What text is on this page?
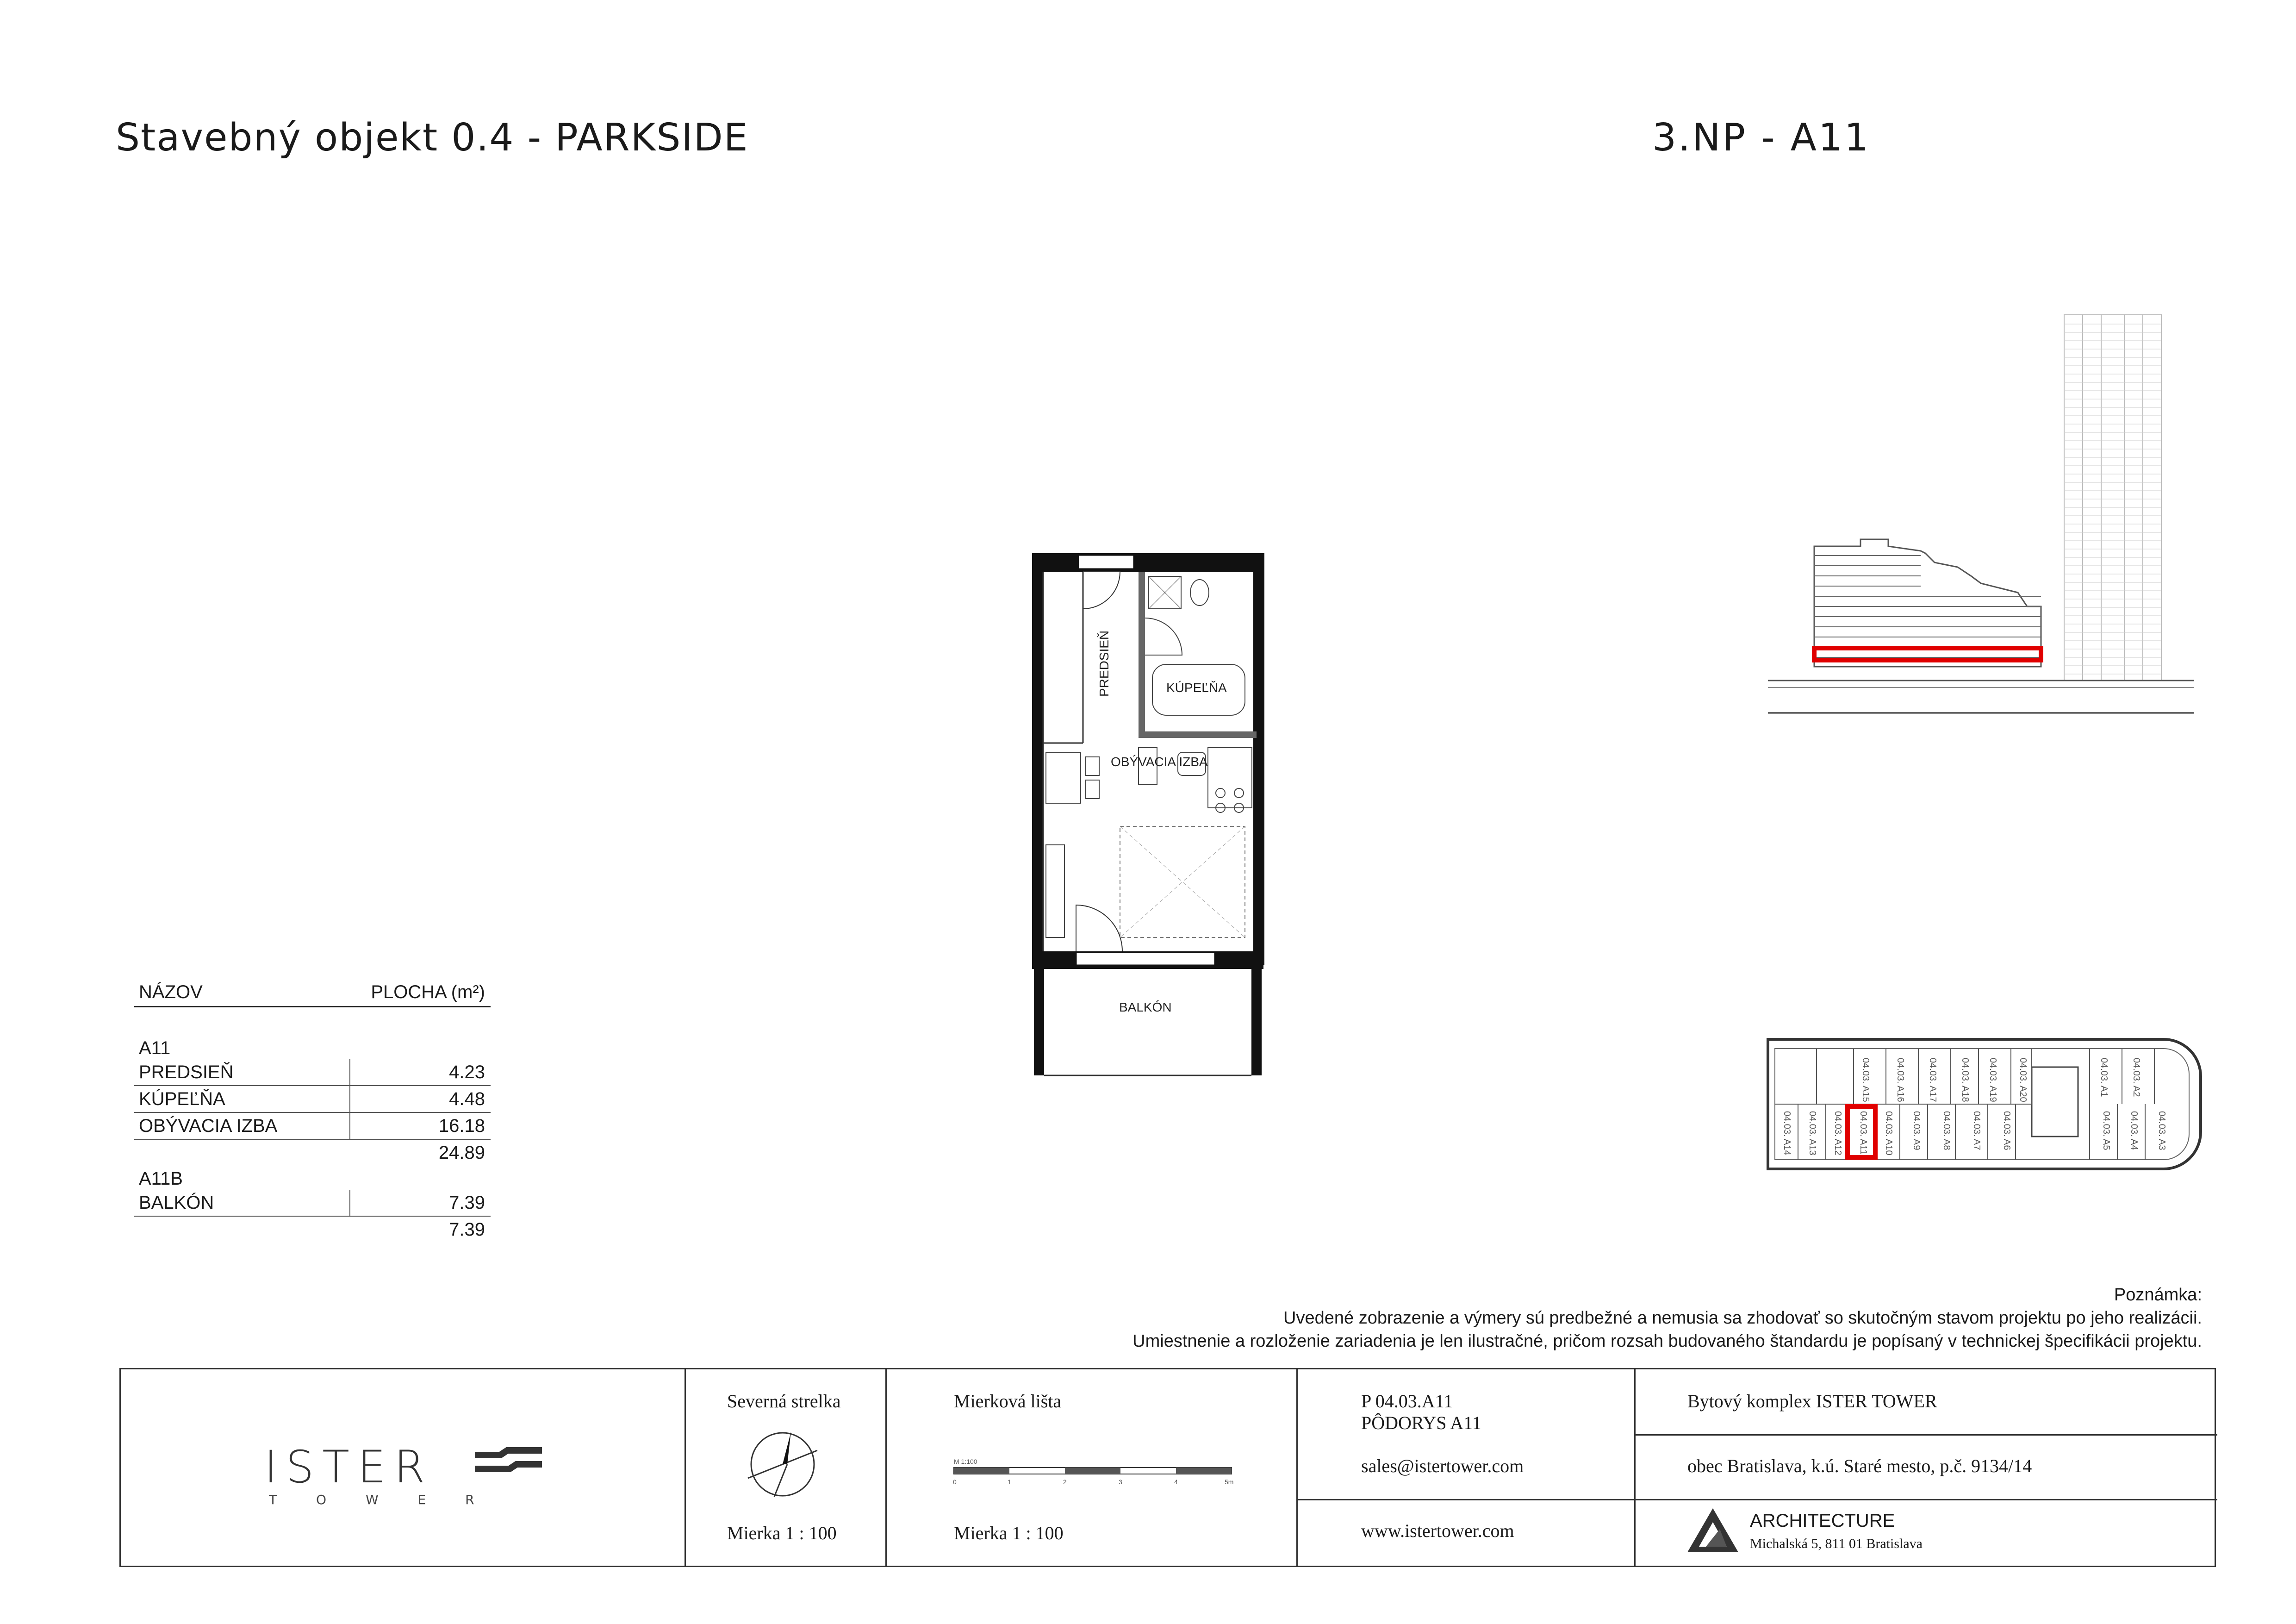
Stavebný objekt 0.4 - PARKSIDE	3.NP - A11
KÚPEĽŇA
PREDSIEŇ
OBÝVACIA IZBA
BALKÓN
04.03. A15	04.03. A16 04.03. A17 04.03. A18 04.03. A19 04.03. A20	04.03. A1 04.03. A2
04.03. A14 04.03. A13 04.03. A12 04.03. A11 04.03. A10 04.03. A9 04.03. A8 04.03. A7 04.03. A6	04.03. A5 04.03. A4 04.03. A3
NÁZOV	PLOCHA (m²)
A11
PREDSIEŇ	4.23
KÚPEĽŇA	4.48
OBÝVACIA IZBA	16.18
24.89
A11B
BALKÓN	7.39
7.39
Poznámka:
Uvedené zobrazenie a výmery sú predbežné a nemusia sa zhodovať so skutočným stavom projektu po jeho realizácii.
Umiestnenie a rozloženie zariadenia je len ilustračné, pričom rozsah budovaného štandardu je popísaný v technickej špecifikácii projektu.
ISTER
T O W E R
Severná strelka
Mierka 1 : 100
Mierková lišta
M 1:100
0	1	2	3	4	5m
Mierka 1 : 100
P 04.03.A11
PÔDORYS A11
sales@istertower.com
www.istertower.com
Bytový komplex ISTER TOWER
obec Bratislava, k.ú. Staré mesto, p.č. 9134/14
ARCHITECTURE
Michalská 5, 811 01 Bratislava
